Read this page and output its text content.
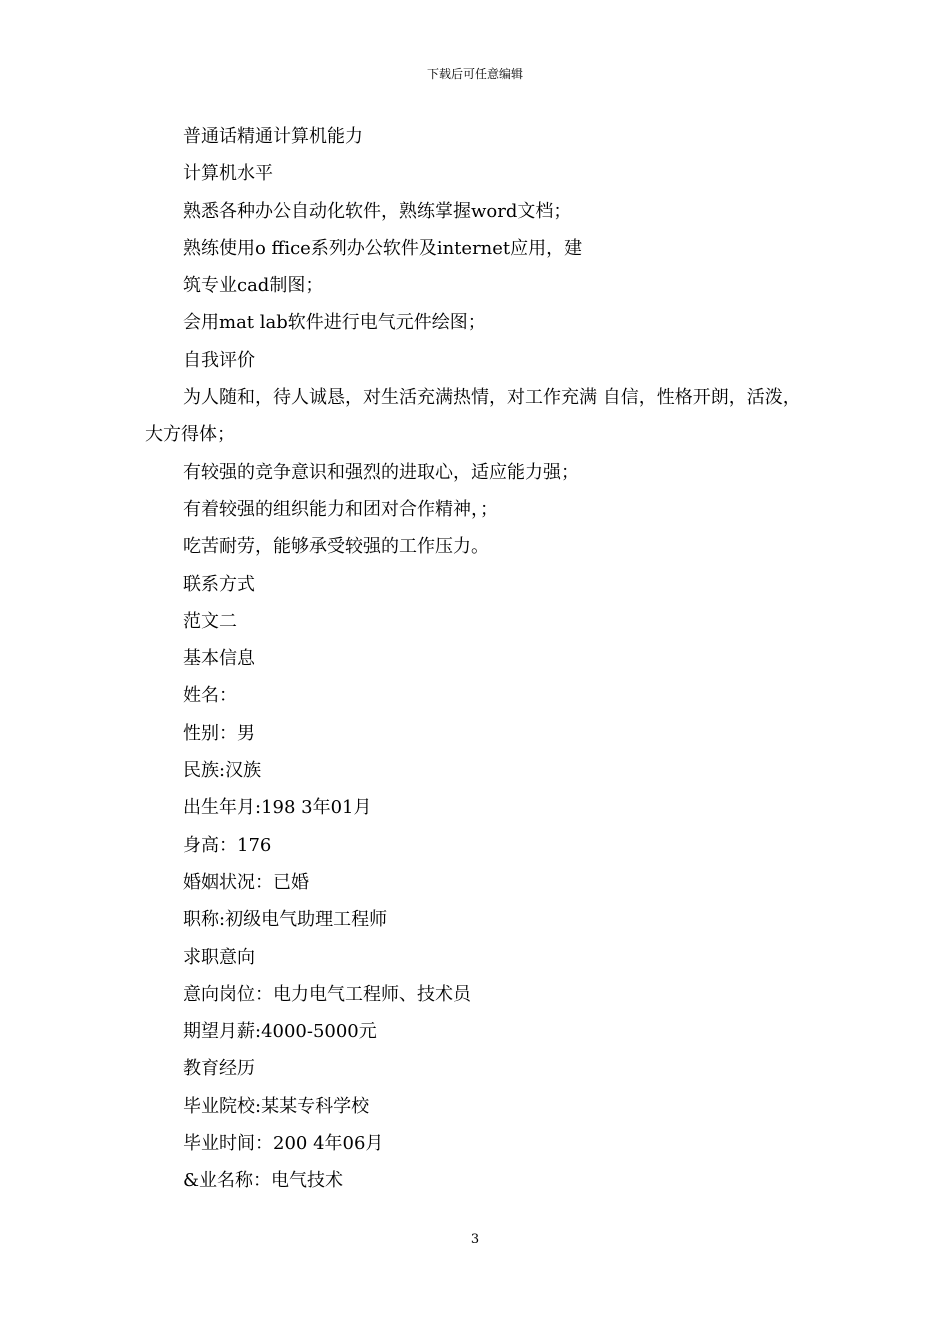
下载后可任意编辑

普通话精通计算机能力

计算机水平

熟悉各种办公自动化软件，熟练掌握word文档；

熟练使用o ffice系列办公软件及internet应用，建

筑专业cad制图；

会用mat lab软件进行电气元件绘图；

自我评价

为人随和，待人诚恳，对生活充满热情，对工作充满 自信，性格开朗，活泼，大方得体；

有较强的竞争意识和强烈的进取心，适应能力强；

有着较强的组织能力和团对合作精神，；

吃苦耐劳，能够承受较强的工作压力。

联系方式

范文二

基本信息

姓名：

性别：男

民族:汉族

出生年月:198 3年01月

身高：176

婚姻状况：已婚

职称:初级电气助理工程师

求职意向

意向岗位：电力电气工程师、技术员

期望月薪:4000-5000元

教育经历

毕业院校:某某专科学校

毕业时间：200 4年06月

&业名称：电气技术

3
